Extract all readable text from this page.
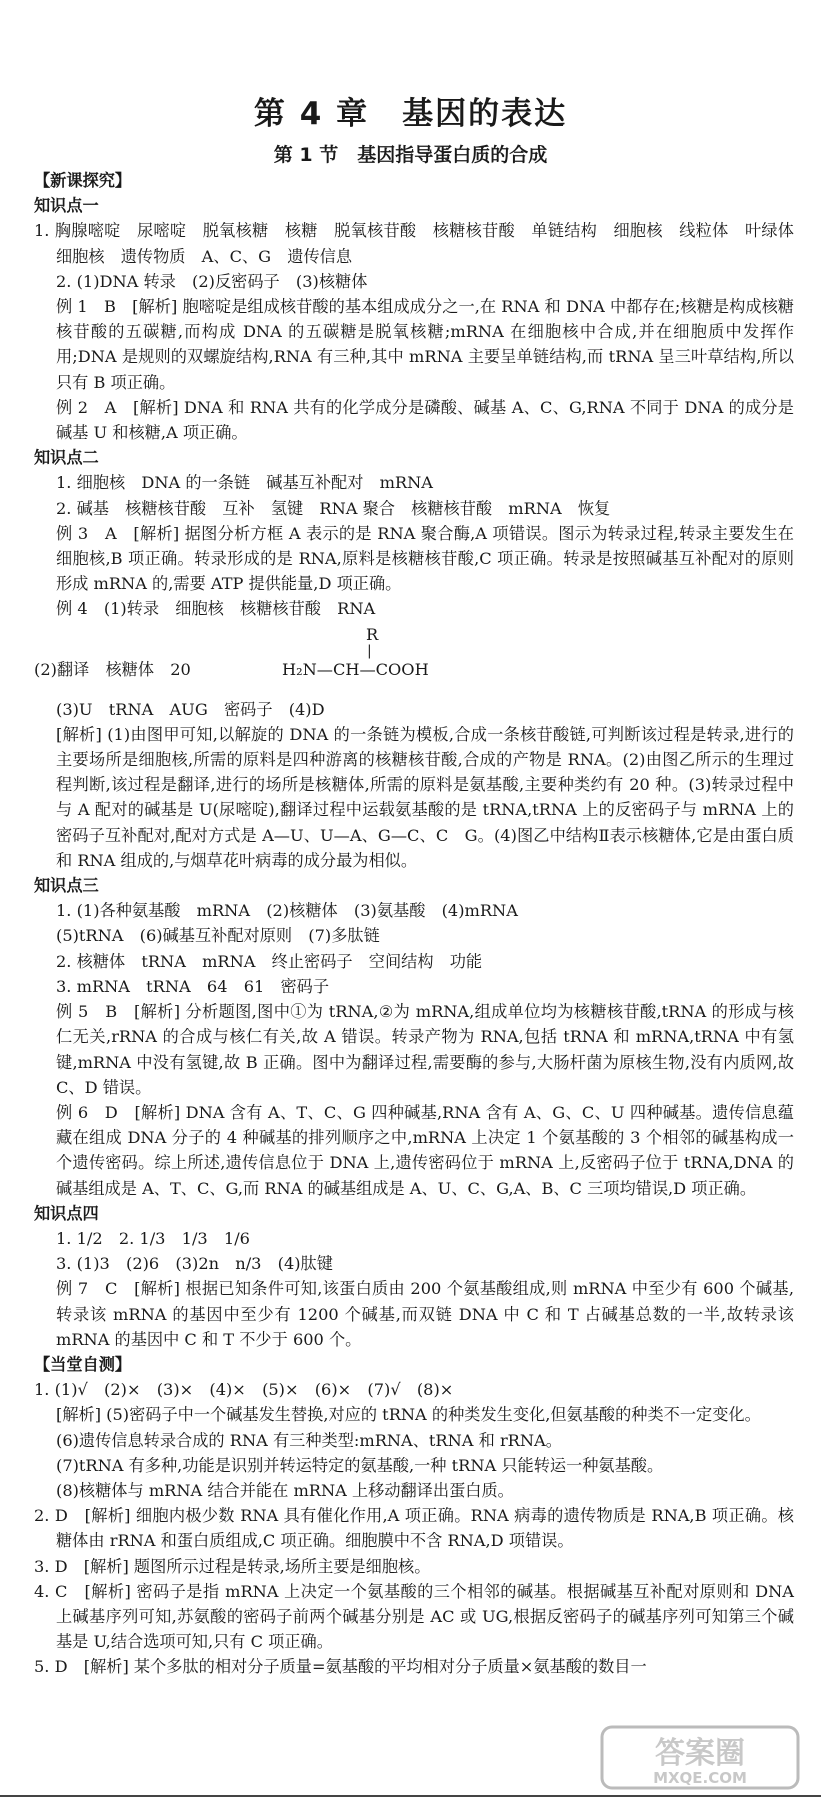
第 4 章　基因的表达
第 1 节　基因指导蛋白质的合成

【新课探究】

知识点一

1. 胸腺嘧啶　尿嘧啶　脱氧核糖　核糖　脱氧核苷酸　核糖核苷酸　单链结构　细胞核　线粒体　叶绿体　细胞核　遗传物质　A、C、G　遗传信息

2. (1)DNA 转录　(2)反密码子　(3)核糖体

例 1　B　[解析] 胞嘧啶是组成核苷酸的基本组成成分之一,在 RNA 和 DNA 中都存在;核糖是构成核糖核苷酸的五碳糖,而构成 DNA 的五碳糖是脱氧核糖;mRNA 在细胞核中合成,并在细胞质中发挥作用;DNA 是规则的双螺旋结构,RNA 有三种,其中 mRNA 主要呈单链结构,而 tRNA 呈三叶草结构,所以只有 B 项正确。

例 2　A　[解析] DNA 和 RNA 共有的化学成分是磷酸、碱基 A、C、G,RNA 不同于 DNA 的成分是碱基 U 和核糖,A 项正确。

知识点二

1. 细胞核　DNA 的一条链　碱基互补配对　mRNA

2. 碱基　核糖核苷酸　互补　氢键　RNA 聚合　核糖核苷酸　mRNA　恢复

例 3　A　[解析] 据图分析方框 A 表示的是 RNA 聚合酶,A 项错误。图示为转录过程,转录主要发生在细胞核,B 项正确。转录形成的是 RNA,原料是核糖核苷酸,C 项正确。转录是按照碱基互补配对的原则形成 mRNA 的,需要 ATP 提供能量,D 项正确。

例 4　(1)转录　细胞核　核糖核苷酸　RNA

R
|
(2)翻译　核糖体　20	H₂N—CH—COOH

(3)U　tRNA　AUG　密码子　(4)D

[解析] (1)由图甲可知,以解旋的 DNA 的一条链为模板,合成一条核苷酸链,可判断该过程是转录,进行的主要场所是细胞核,所需的原料是四种游离的核糖核苷酸,合成的产物是 RNA。(2)由图乙所示的生理过程判断,该过程是翻译,进行的场所是核糖体,所需的原料是氨基酸,主要种类约有 20 种。(3)转录过程中与 A 配对的碱基是 U(尿嘧啶),翻译过程中运载氨基酸的是 tRNA,tRNA 上的反密码子与 mRNA 上的密码子互补配对,配对方式是 A—U、U—A、G—C、C　G。(4)图乙中结构Ⅱ表示核糖体,它是由蛋白质和 RNA 组成的,与烟草花叶病毒的成分最为相似。

知识点三

1. (1)各种氨基酸　mRNA　(2)核糖体　(3)氨基酸　(4)mRNA

(5)tRNA　(6)碱基互补配对原则　(7)多肽链

2. 核糖体　tRNA　mRNA　终止密码子　空间结构　功能

3. mRNA　tRNA　64　61　密码子

例 5　B　[解析] 分析题图,图中①为 tRNA,②为 mRNA,组成单位均为核糖核苷酸,tRNA 的形成与核仁无关,rRNA 的合成与核仁有关,故 A 错误。转录产物为 RNA,包括 tRNA 和 mRNA,tRNA 中有氢键,mRNA 中没有氢键,故 B 正确。图中为翻译过程,需要酶的参与,大肠杆菌为原核生物,没有内质网,故 C、D 错误。

例 6　D　[解析] DNA 含有 A、T、C、G 四种碱基,RNA 含有 A、G、C、U 四种碱基。遗传信息蕴藏在组成 DNA 分子的 4 种碱基的排列顺序之中,mRNA 上决定 1 个氨基酸的 3 个相邻的碱基构成一个遗传密码。综上所述,遗传信息位于 DNA 上,遗传密码位于 mRNA 上,反密码子位于 tRNA,DNA 的碱基组成是 A、T、C、G,而 RNA 的碱基组成是 A、U、C、G,A、B、C 三项均错误,D 项正确。

知识点四

1. 1/2　2. 1/3　1/3　1/6

3. (1)3　(2)6　(3)2n　n/3　(4)肽键

例 7　C　[解析] 根据已知条件可知,该蛋白质由 200 个氨基酸组成,则 mRNA 中至少有 600 个碱基,转录该 mRNA 的基因中至少有 1200 个碱基,而双链 DNA 中 C 和 T 占碱基总数的一半,故转录该 mRNA 的基因中 C 和 T 不少于 600 个。

【当堂自测】

1. (1)√　(2)×　(3)×　(4)×　(5)×　(6)×　(7)√　(8)×

[解析] (5)密码子中一个碱基发生替换,对应的 tRNA 的种类发生变化,但氨基酸的种类不一定变化。

(6)遗传信息转录合成的 RNA 有三种类型:mRNA、tRNA 和 rRNA。

(7)tRNA 有多种,功能是识别并转运特定的氨基酸,一种 tRNA 只能转运一种氨基酸。

(8)核糖体与 mRNA 结合并能在 mRNA 上移动翻译出蛋白质。

2. D　[解析] 细胞内极少数 RNA 具有催化作用,A 项正确。RNA 病毒的遗传物质是 RNA,B 项正确。核糖体由 rRNA 和蛋白质组成,C 项正确。细胞膜中不含 RNA,D 项错误。

3. D　[解析] 题图所示过程是转录,场所主要是细胞核。

4. C　[解析] 密码子是指 mRNA 上决定一个氨基酸的三个相邻的碱基。根据碱基互补配对原则和 DNA 上碱基序列可知,苏氨酸的密码子前两个碱基分别是 AC 或 UG,根据反密码子的碱基序列可知第三个碱基是 U,结合选项可知,只有 C 项正确。

5. D　[解析] 某个多肽的相对分子质量=氨基酸的平均相对分子质量×氨基酸的数目一

答案圈
MXQE.COM
